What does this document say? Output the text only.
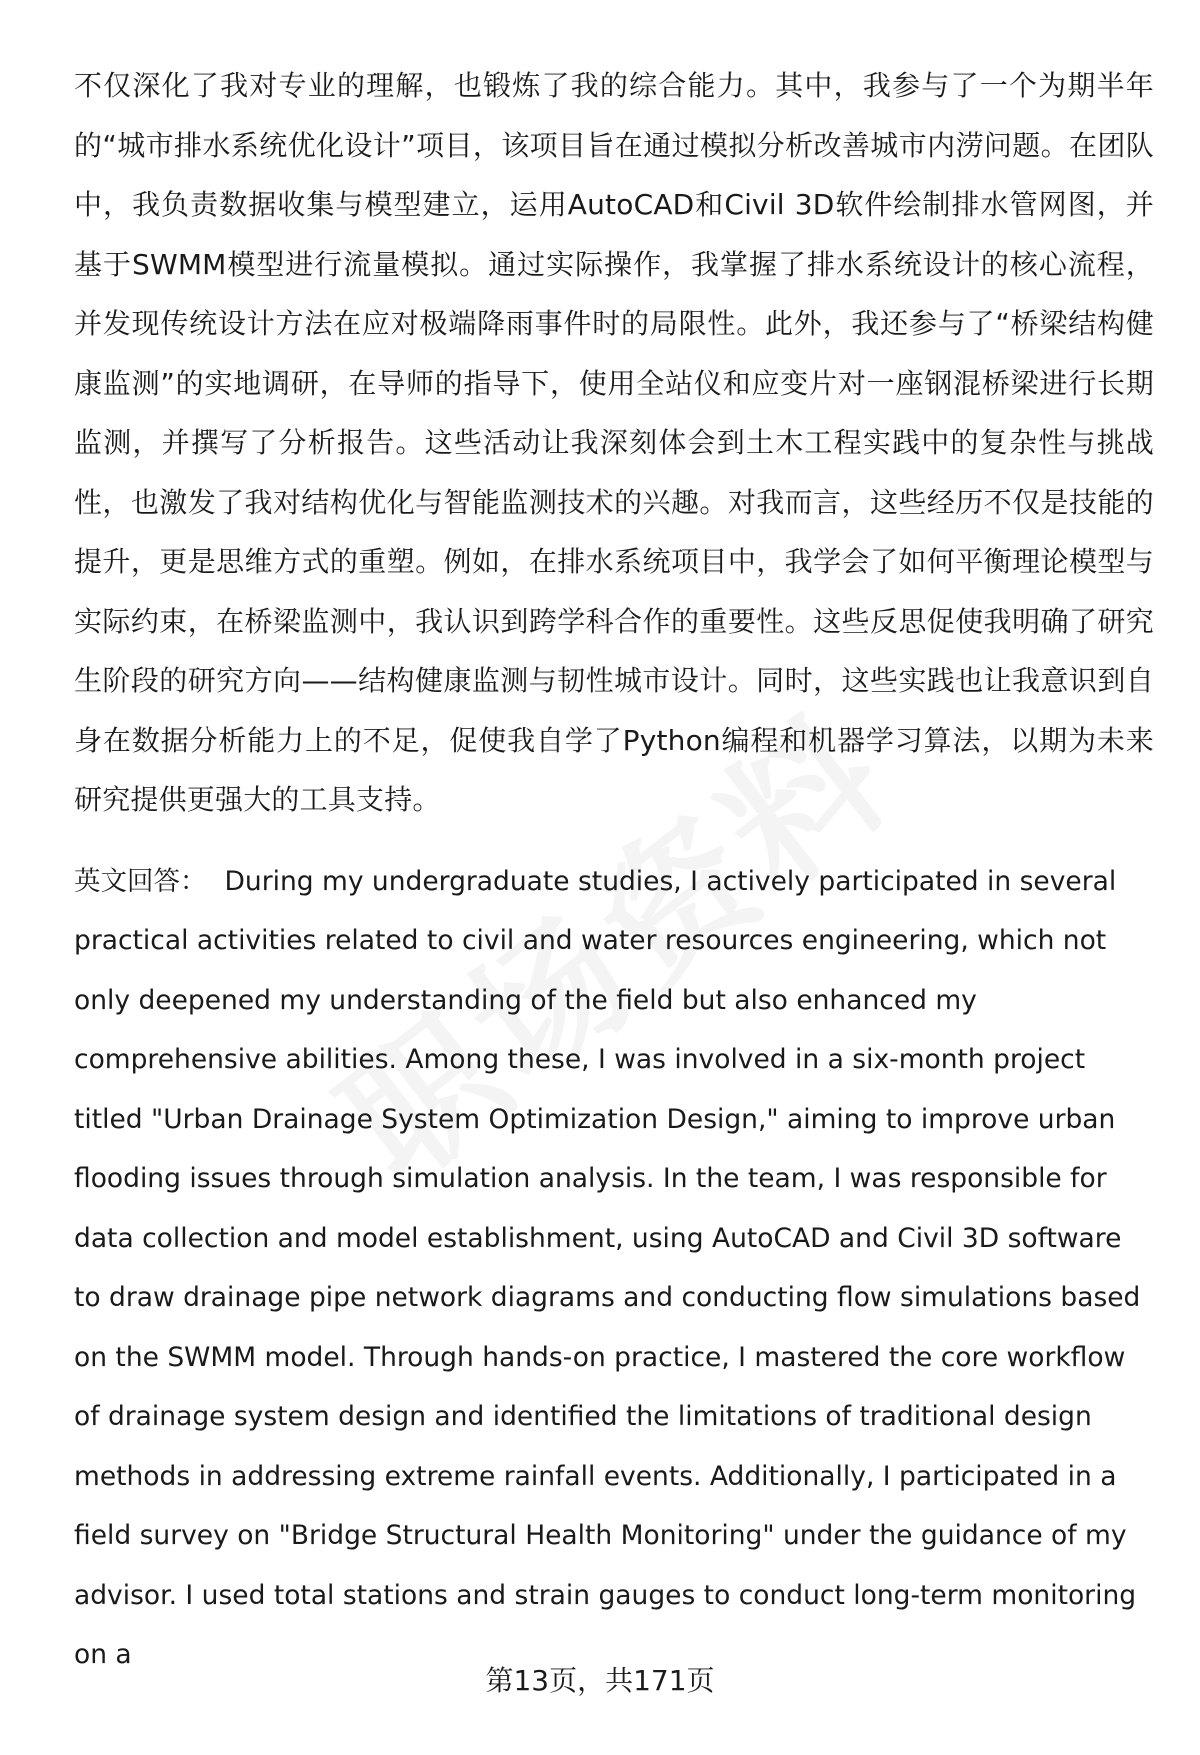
不仅深化了我对专业的理解，也锻炼了我的综合能力。其中，我参与了一个为期半年的“城市排水系统优化设计”项目，该项目旨在通过模拟分析改善城市内涝问题。在团队中，我负责数据收集与模型建立，运用AutoCAD和Civil 3D软件绘制排水管网图，并基于SWMM模型进行流量模拟。通过实际操作，我掌握了排水系统设计的核心流程，并发现传统设计方法在应对极端降雨事件时的局限性。此外，我还参与了“桥梁结构健康监测”的实地调研，在导师的指导下，使用全站仪和应变片对一座钢混桥梁进行长期监测，并撰写了分析报告。这些活动让我深刻体会到土木工程实践中的复杂性与挑战性，也激发了我对结构优化与智能监测技术的兴趣。对我而言，这些经历不仅是技能的提升，更是思维方式的重塑。例如，在排水系统项目中，我学会了如何平衡理论模型与实际约束，在桥梁监测中，我认识到跨学科合作的重要性。这些反思促使我明确了研究生阶段的研究方向——结构健康监测与韧性城市设计。同时，这些实践也让我意识到自身在数据分析能力上的不足，促使我自学了Python编程和机器学习算法，以期为未来研究提供更强大的工具支持。

英文回答： During my undergraduate studies, I actively participated in several practical activities related to civil and water resources engineering, which not only deepened my understanding of the field but also enhanced my comprehensive abilities. Among these, I was involved in a six-month project titled "Urban Drainage System Optimization Design," aiming to improve urban flooding issues through simulation analysis. In the team, I was responsible for data collection and model establishment, using AutoCAD and Civil 3D software to draw drainage pipe network diagrams and conducting flow simulations based on the SWMM model. Through hands-on practice, I mastered the core workflow of drainage system design and identified the limitations of traditional design methods in addressing extreme rainfall events. Additionally, I participated in a field survey on "Bridge Structural Health Monitoring" under the guidance of my advisor. I used total stations and strain gauges to conduct long-term monitoring on a

第13页，共171页
